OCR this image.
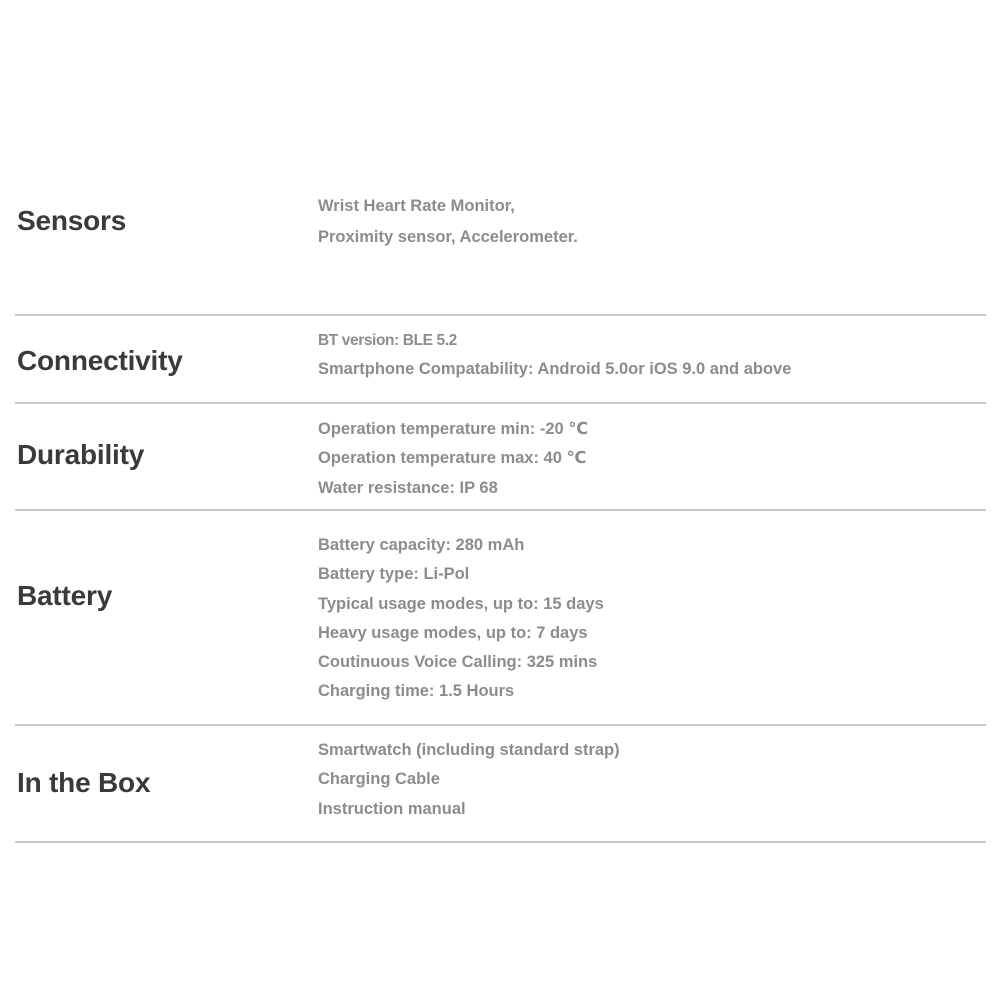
Sensors	Wrist Heart Rate Monitor,
Proximity sensor, Accelerometer.
Connectivity
BT version: BLE 5.2
Smartphone Compatability: Android 5.0or iOS 9.0 and above
Durability
Operation temperature min: -20 ℃
Operation temperature max: 40 ℃
Water resistance: IP 68
Battery
Battery capacity: 280 mAh
Battery type: Li-Pol
Typical usage modes, up to: 15 days
Heavy usage modes, up to: 7 days
Coutinuous Voice Calling: 325 mins
Charging time: 1.5 Hours
In the Box
Smartwatch (including standard strap)
Charging Cable
Instruction manual
